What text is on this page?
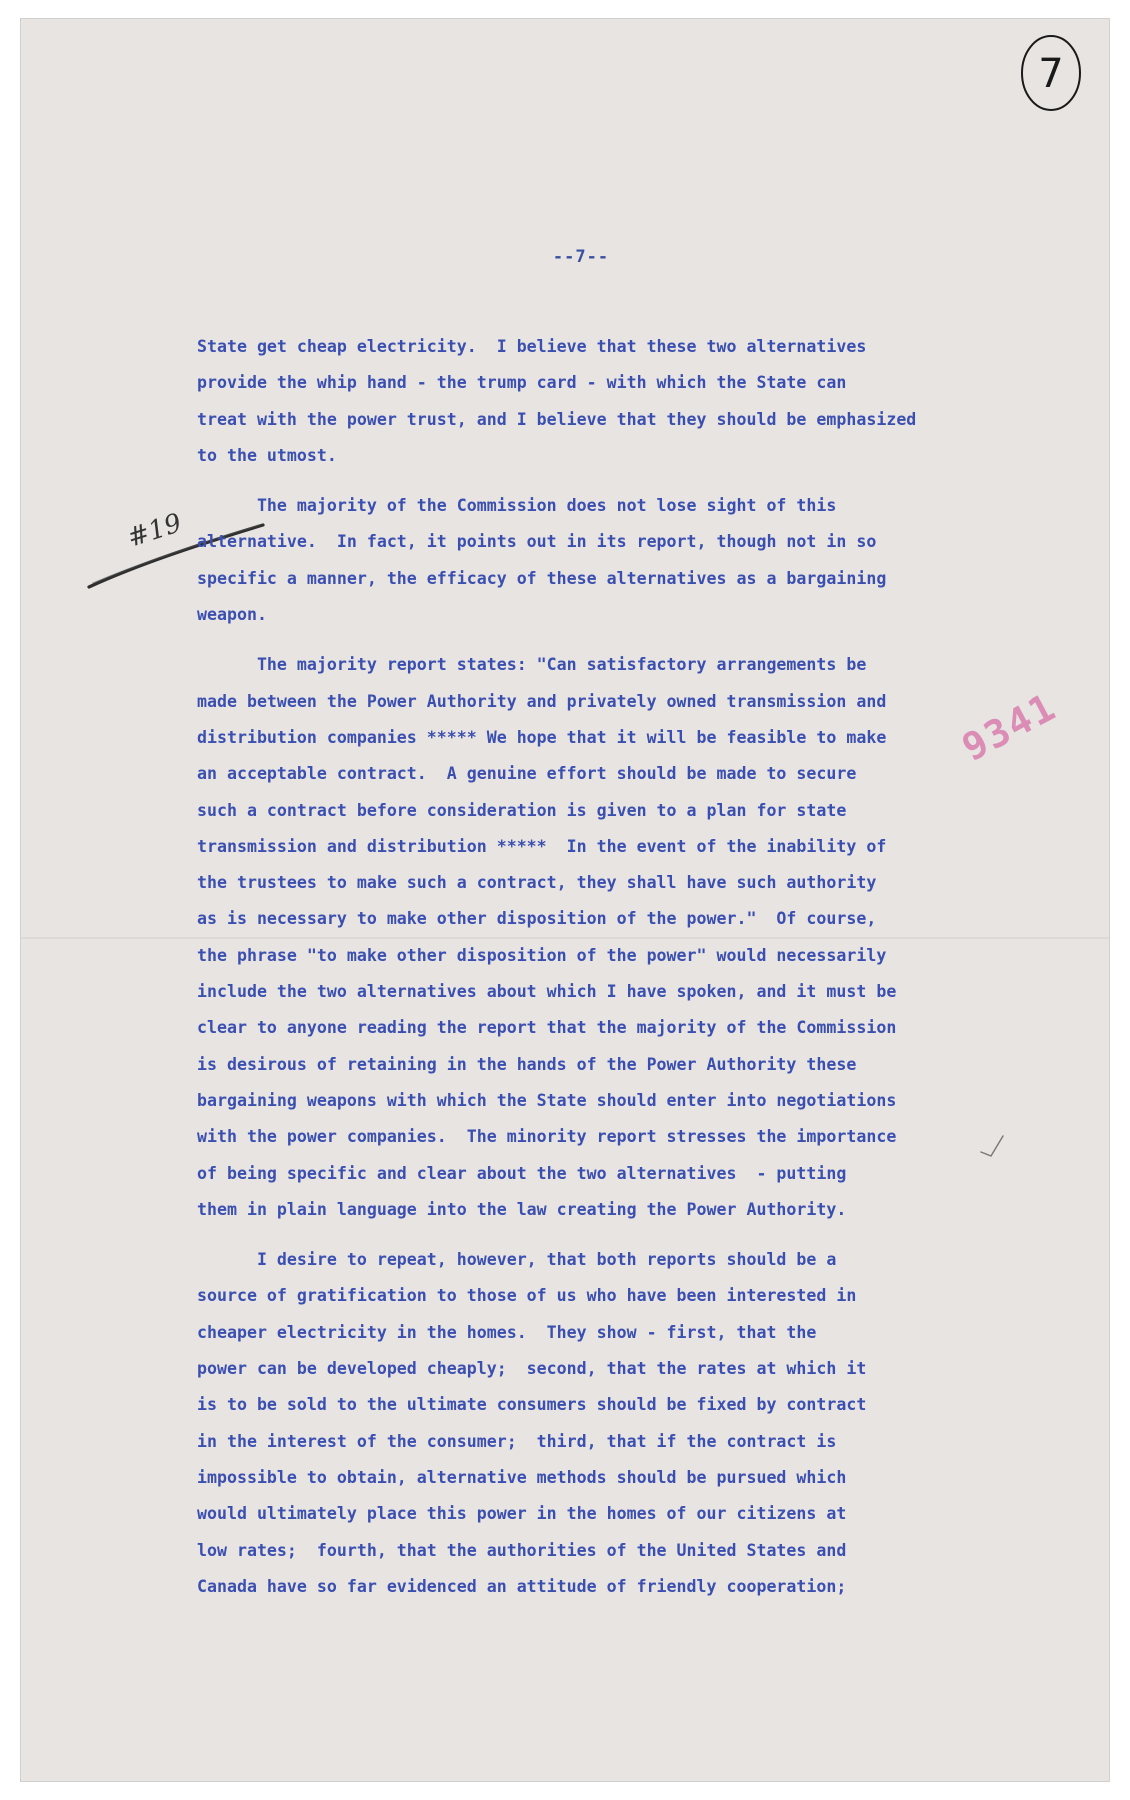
7
--7--
#19
State get cheap electricity.  I believe that these two alternatives
provide the whip hand - the trump card - with which the State can
treat with the power trust, and I believe that they should be emphasized
to the utmost.
The majority of the Commission does not lose sight of this
alternative.  In fact, it points out in its report, though not in so
specific a manner, the efficacy of these alternatives as a bargaining
weapon.
The majority report states: "Can satisfactory arrangements be
made between the Power Authority and privately owned transmission and
distribution companies ***** We hope that it will be feasible to make
an acceptable contract.  A genuine effort should be made to secure
such a contract before consideration is given to a plan for state
transmission and distribution *****  In the event of the inability of
the trustees to make such a contract, they shall have such authority
as is necessary to make other disposition of the power."  Of course,
the phrase "to make other disposition of the power" would necessarily
include the two alternatives about which I have spoken, and it must be
clear to anyone reading the report that the majority of the Commission
is desirous of retaining in the hands of the Power Authority these
bargaining weapons with which the State should enter into negotiations
with the power companies.  The minority report stresses the importance
of being specific and clear about the two alternatives  - putting
them in plain language into the law creating the Power Authority.
I desire to repeat, however, that both reports should be a
source of gratification to those of us who have been interested in
cheaper electricity in the homes.  They show - first, that the
power can be developed cheaply;  second, that the rates at which it
is to be sold to the ultimate consumers should be fixed by contract
in the interest of the consumer;  third, that if the contract is
impossible to obtain, alternative methods should be pursued which
would ultimately place this power in the homes of our citizens at
low rates;  fourth, that the authorities of the United States and
Canada have so far evidenced an attitude of friendly cooperation;
9341
